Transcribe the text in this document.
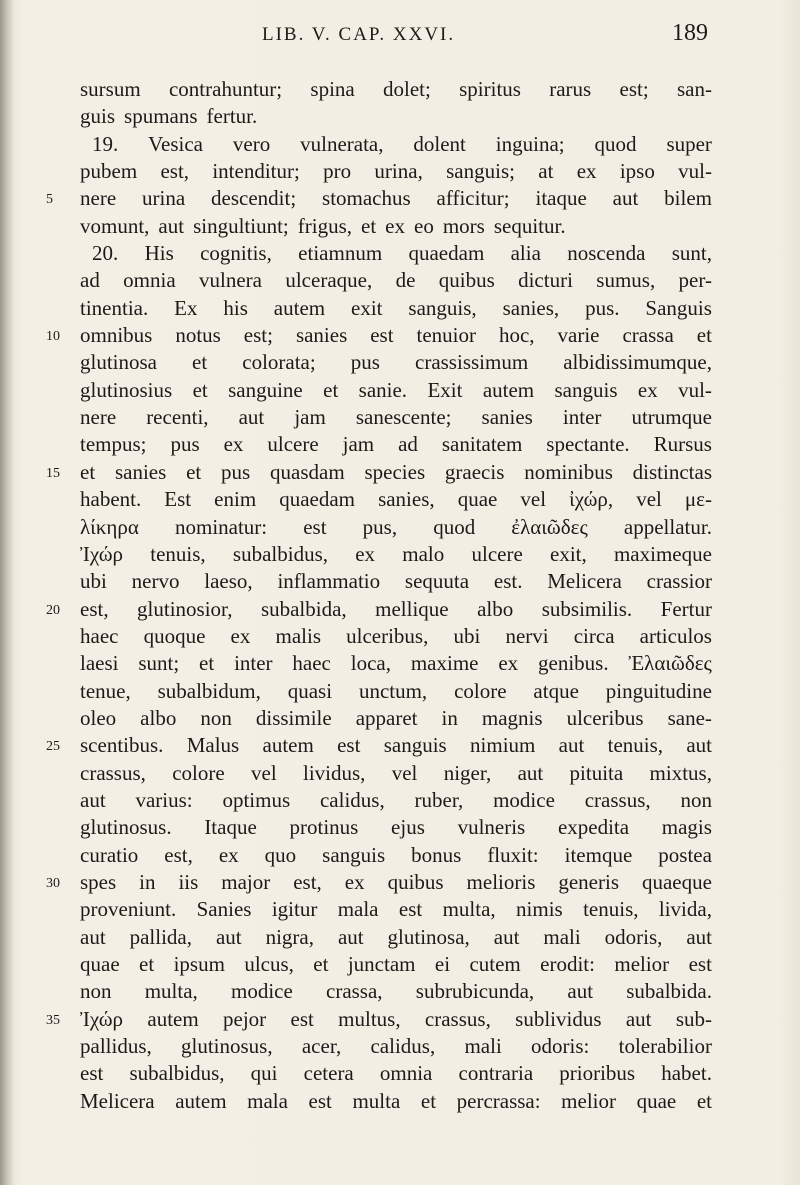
LIB. V. CAP. XXVI.	189
sursum contrahuntur; spina dolet; spiritus rarus est; san-
guis spumans fertur.
19. Vesica vero vulnerata, dolent inguina; quod super
pubem est, intenditur; pro urina, sanguis; at ex ipso vul-
5	nere urina descendit; stomachus afficitur; itaque aut bilem
vomunt, aut singultiunt; frigus, et ex eo mors sequitur.
20. His cognitis, etiamnum quaedam alia noscenda sunt,
ad omnia vulnera ulceraque, de quibus dicturi sumus, per-
tinentia. Ex his autem exit sanguis, sanies, pus. Sanguis
10 omnibus notus est; sanies est tenuior hoc, varie crassa et
glutinosa et colorata; pus crassissimum albidissimumque,
glutinosius et sanguine et sanie. Exit autem sanguis ex vul-
nere recenti, aut jam sanescente; sanies inter utrumque
tempus; pus ex ulcere jam ad sanitatem spectante. Rursus
15 et sanies et pus quasdam species graecis nominibus distinctas
habent. Est enim quaedam sanies, quae vel ἰχώρ, vel με-
λίκηρα nominatur: est pus, quod ἐλαιῶδες appellatur.
Ἰχώρ tenuis, subalbidus, ex malo ulcere exit, maximeque
ubi nervo laeso, inflammatio sequuta est. Melicera crassior
20 est, glutinosior, subalbida, mellique albo subsimilis. Fertur
haec quoque ex malis ulceribus, ubi nervi circa articulos
laesi sunt; et inter haec loca, maxime ex genibus. Ἐλαιῶδες
tenue, subalbidum, quasi unctum, colore atque pinguitudine
oleo albo non dissimile apparet in magnis ulceribus sane-
25 scentibus. Malus autem est sanguis nimium aut tenuis, aut
crassus, colore vel lividus, vel niger, aut pituita mixtus,
aut varius: optimus calidus, ruber, modice crassus, non
glutinosus. Itaque protinus ejus vulneris expedita magis
curatio est, ex quo sanguis bonus fluxit: itemque postea
30 spes in iis major est, ex quibus melioris generis quaeque
proveniunt. Sanies igitur mala est multa, nimis tenuis, livida,
aut pallida, aut nigra, aut glutinosa, aut mali odoris, aut
quae et ipsum ulcus, et junctam ei cutem erodit: melior est
non multa, modice crassa, subrubicunda, aut subalbida.
35 Ἰχώρ autem pejor est multus, crassus, sublividus aut sub-
pallidus, glutinosus, acer, calidus, mali odoris: tolerabilior
est subalbidus, qui cetera omnia contraria prioribus habet.
Melicera autem mala est multa et percrassa: melior quae et
